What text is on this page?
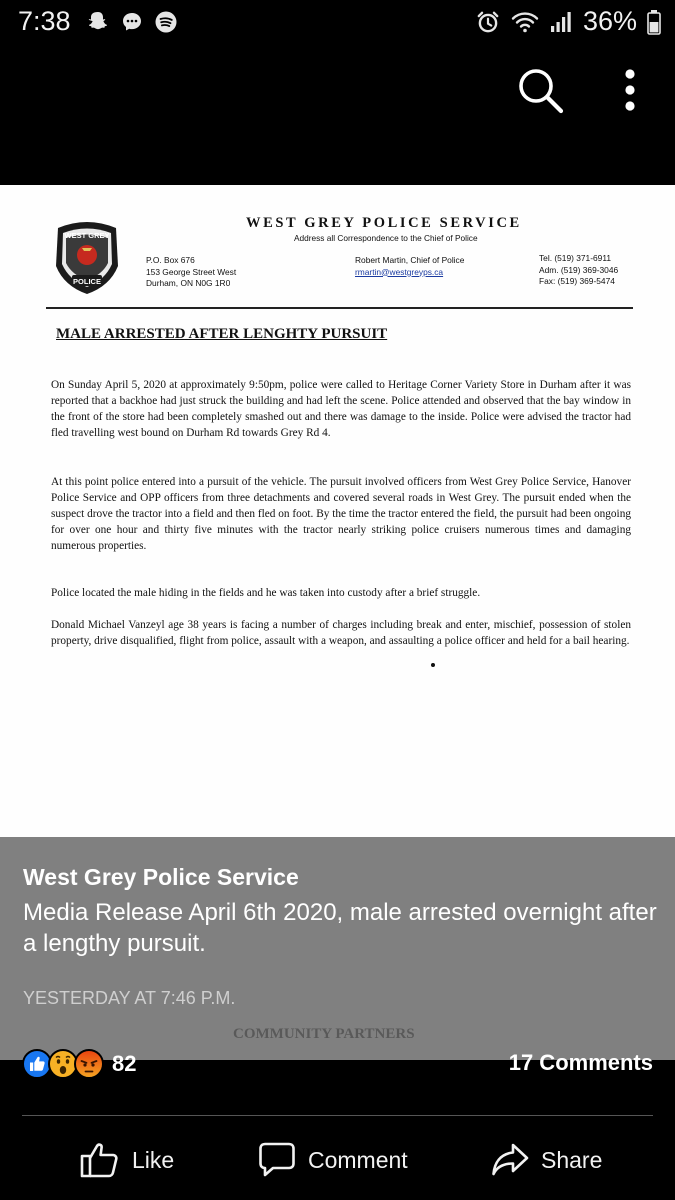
7:38	36%
WEST GREY
POLICE
WEST GREY POLICE SERVICE
Address all Correspondence to the Chief of Police
P.O. Box 676
153 George Street West
Durham, ON N0G 1R0
Robert Martin, Chief of Police
rmartin@westgreyps.ca
Tel. (519) 371-6911
Adm. (519) 369-3046
Fax: (519) 369-5474
MALE ARRESTED AFTER LENGHTY PURSUIT

On Sunday April 5, 2020 at approximately 9:50pm, police were called to Heritage Corner Variety Store in Durham after it was reported that a backhoe had just struck the building and had left the scene. Police attended and observed that the bay window in the front of the store had been completely smashed out and there was damage to the inside. Police were advised the tractor had fled travelling west bound on Durham Rd towards Grey Rd 4.

At this point police entered into a pursuit of the vehicle. The pursuit involved officers from West Grey Police Service, Hanover Police Service and OPP officers from three detachments and covered several roads in West Grey. The pursuit ended when the suspect drove the tractor into a field and then fled on foot. By the time the tractor entered the field, the pursuit had been ongoing for over one hour and thirty five minutes with the tractor nearly striking police cruisers numerous times and damaging numerous properties.

Police located the male hiding in the fields and he was taken into custody after a brief struggle.

Donald Michael Vanzeyl age 38 years is facing a number of charges including break and enter, mischief, possession of stolen property, drive disqualified, flight from police, assault with a weapon, and assaulting a police officer and held for a bail hearing.

West Grey Police Service
Media Release April 6th 2020, male arrested overnight after a lengthy pursuit.
YESTERDAY AT 7:46 P.M.
82	17 Comments
Like	Comment	Share
